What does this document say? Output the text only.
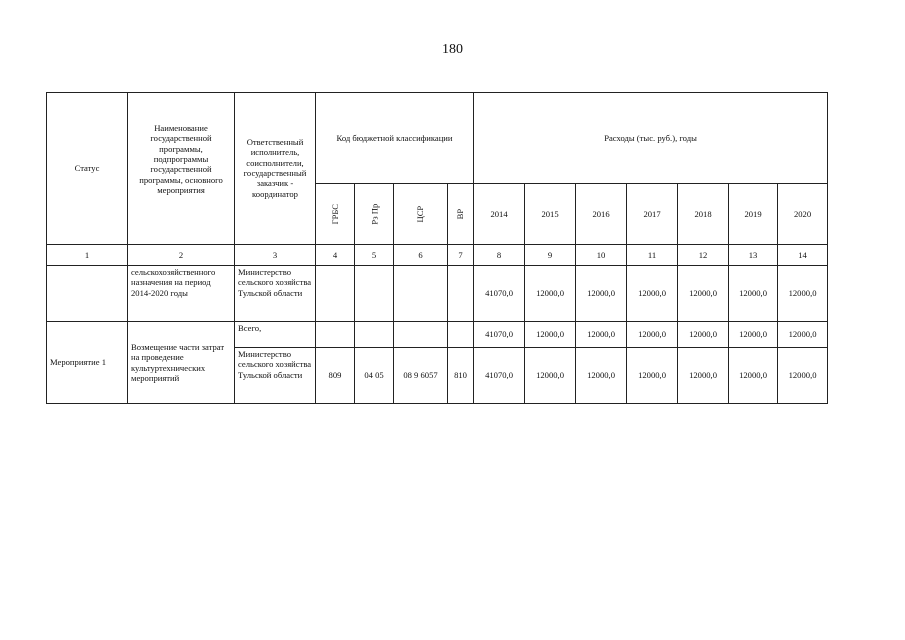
180
Статус	Наименование государственной программы, подпрограммы государственной программы, основного мероприятия	Ответственный исполнитель, соисполнители, государственный заказчик - координатор	Код бюджетной классификации				Расходы (тыс. руб.), годы						
			ГРБС	Рз Пр	ЦСР	ВР	2014	2015	2016	2017	2018	2019	2020
1	2	3	4	5	6	7	8	9	10	11	12	13	14
	сельскохозяйственного назначения на период 2014-2020 годы	Министерство сельского хозяйства Тульской области					41070,0	12000,0	12000,0	12000,0	12000,0	12000,0	12000,0
Мероприятие 1	Возмещение части затрат на проведение культуртехнических мероприятий	Всего,					41070,0	12000,0	12000,0	12000,0	12000,0	12000,0	12000,0
		Министерство сельского хозяйства Тульской области	809	04 05	08 9 6057	810	41070,0	12000,0	12000,0	12000,0	12000,0	12000,0	12000,0
